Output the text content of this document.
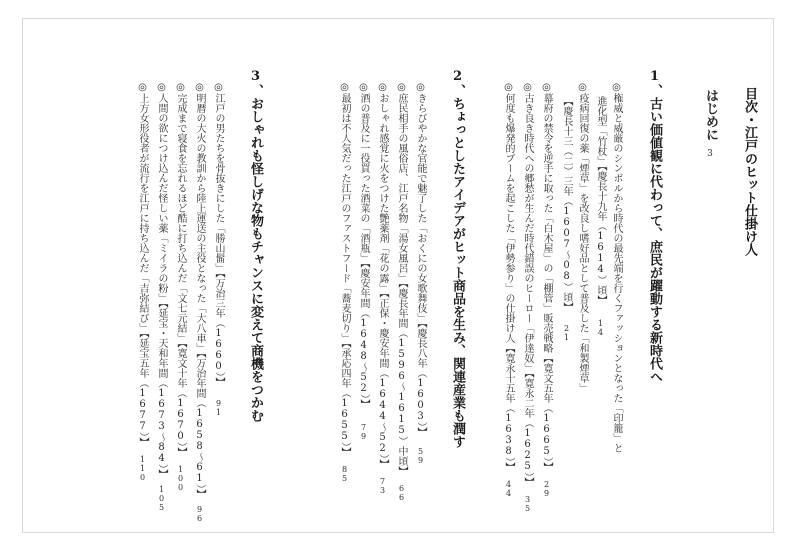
目次・江戸のヒット仕掛け人
はじめに3
1、古い価値観に代わって、庶民が躍動する新時代へ
◎権威と威厳のシンボルから時代の最先端を行くファッションとなった「印籠」と
進化型「竹杖」【慶長十九年（1614）頃】14
◎疫病回復の薬「煙草」を改良し嗜好品として普及した「和製煙草」
【慶長十三（二）三年（1607〜08）頃】21
◎幕府の禁令を逆手に取った「白木屋」の「棚管」販売戦略【寛文五年（1665）】29
◎古き良き時代への郷愁が生んだ時代錯誤のヒーロー「伊達奴」【寛永二年（1625）】35
◎何度も爆発的ブームを起こした「伊勢参り」の仕掛け人【寛永十五年（1638）】44
2、ちょっとしたアイデアがヒット商品を生み、関連産業も潤す
◎きらびやかな官能で魅了した「おくにの女歌舞伎」【慶長八年（1603）】59
◎庶民相手の風俗店、江戸名物「湯女風呂」【慶長年間（1596〜1615）中頃】66
◎おしゃれ感覚に火をつけた艶薬剤「花の露」【正保・慶安年間（1644〜52）】73
◎酒の普及に一役買った酒菜の「酒瓶」【慶安年間（1648〜52）】79
◎最初は不人気だった江戸のファストフード「蕎麦切り」【承応四年（1655）】85
3、おしゃれも怪しげな物もチャンスに変えて商機をつかむ
◎江戸の男たちを骨抜きにした「勝山髷」【万治三年（1660）】91
◎明暦の大火の教訓から陸上運送の主役となった「大八車」【万治年間（1658〜61）】96
◎完成まで寝食を忘れるほど酷に打ち込んだ「文七元結」【寛文十年（1670）】100
◎人間の欲につけ込んだ怪しい薬「ミイラの粉」【延宝・天和年間（1673〜84）】105
◎上方女形役者が流行を江戸に持ち込んだ「吉弥結び」【延宝五年（1677）】110
